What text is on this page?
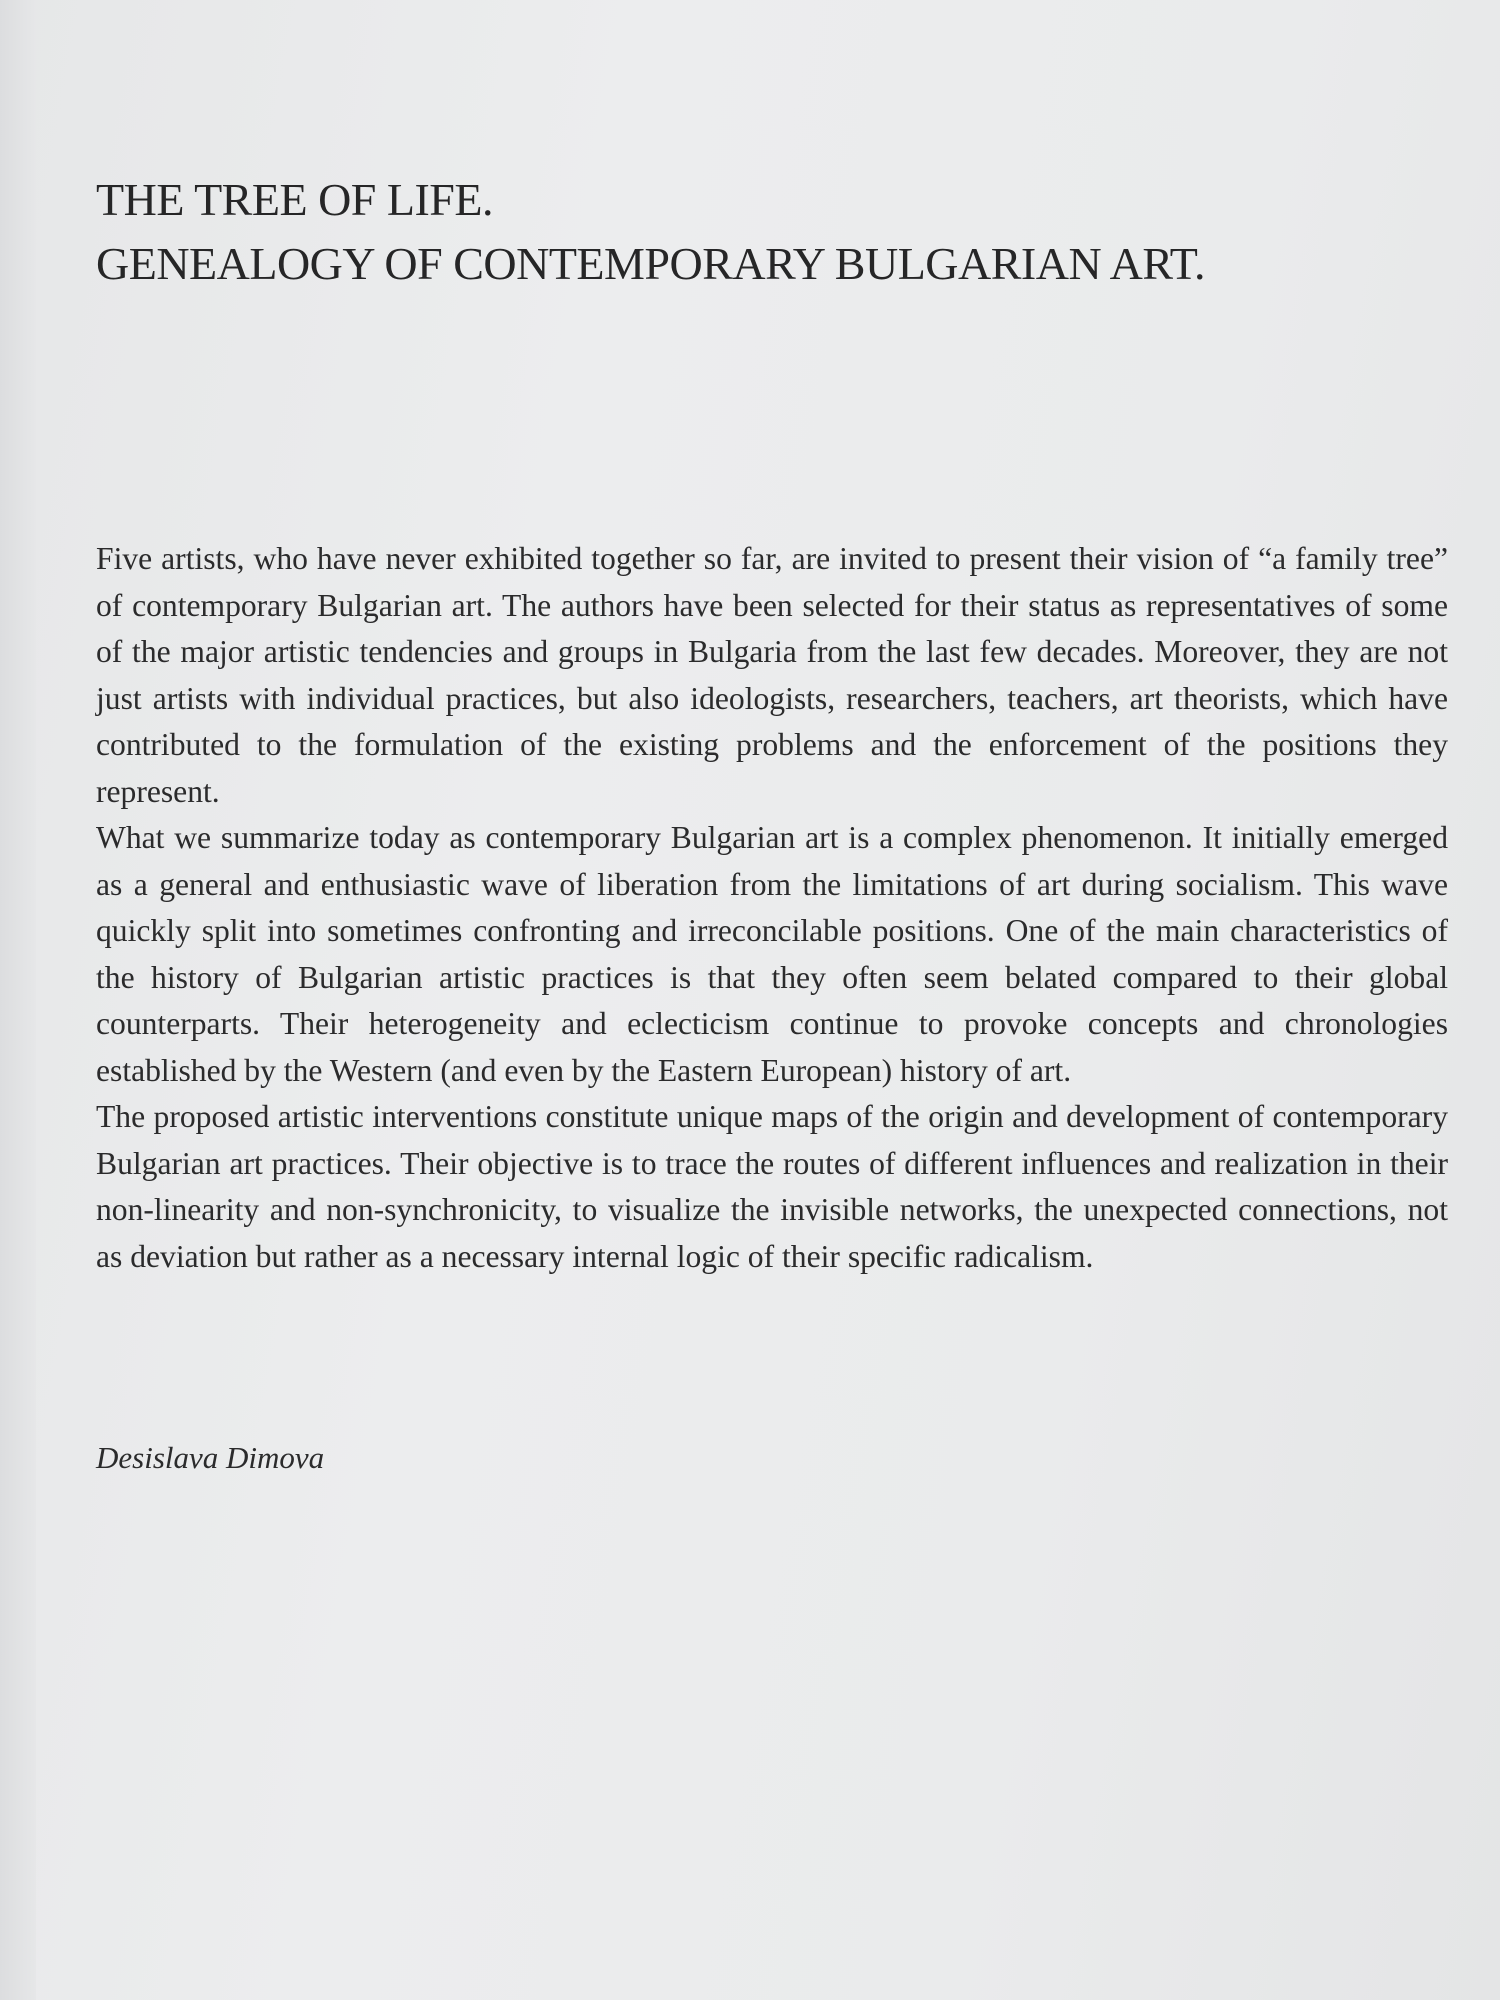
THE TREE OF LIFE.
GENEALOGY OF CONTEMPORARY BULGARIAN ART.

Five artists, who have never exhibited together so far, are invited to present their vision of “a family tree” of contemporary Bulgarian art. The authors have been selected for their status as representatives of some of the major artistic tendencies and groups in Bulgaria from the last few decades. Moreover, they are not just artists with individual practices, but also ideologists, researchers, teachers, art theorists, which have contributed to the formulation of the existing problems and the enforcement of the positions they represent.

What we summarize today as contemporary Bulgarian art is a complex phenomenon. It initially emerged as a general and enthusiastic wave of liberation from the limitations of art during socialism. This wave quickly split into sometimes confronting and irreconcilable positions. One of the main characteristics of the history of Bulgarian artistic practices is that they often seem belated compared to their global counterparts. Their heterogeneity and eclecticism continue to provoke concepts and chronologies established by the Western (and even by the Eastern European) history of art.

The proposed artistic interventions constitute unique maps of the origin and development of contemporary Bulgarian art practices. Their objective is to trace the routes of different influences and realization in their non-linearity and non-synchronicity, to visualize the invisible networks, the unexpected connections, not as deviation but rather as a necessary internal logic of their specific radicalism.

Desislava Dimova
